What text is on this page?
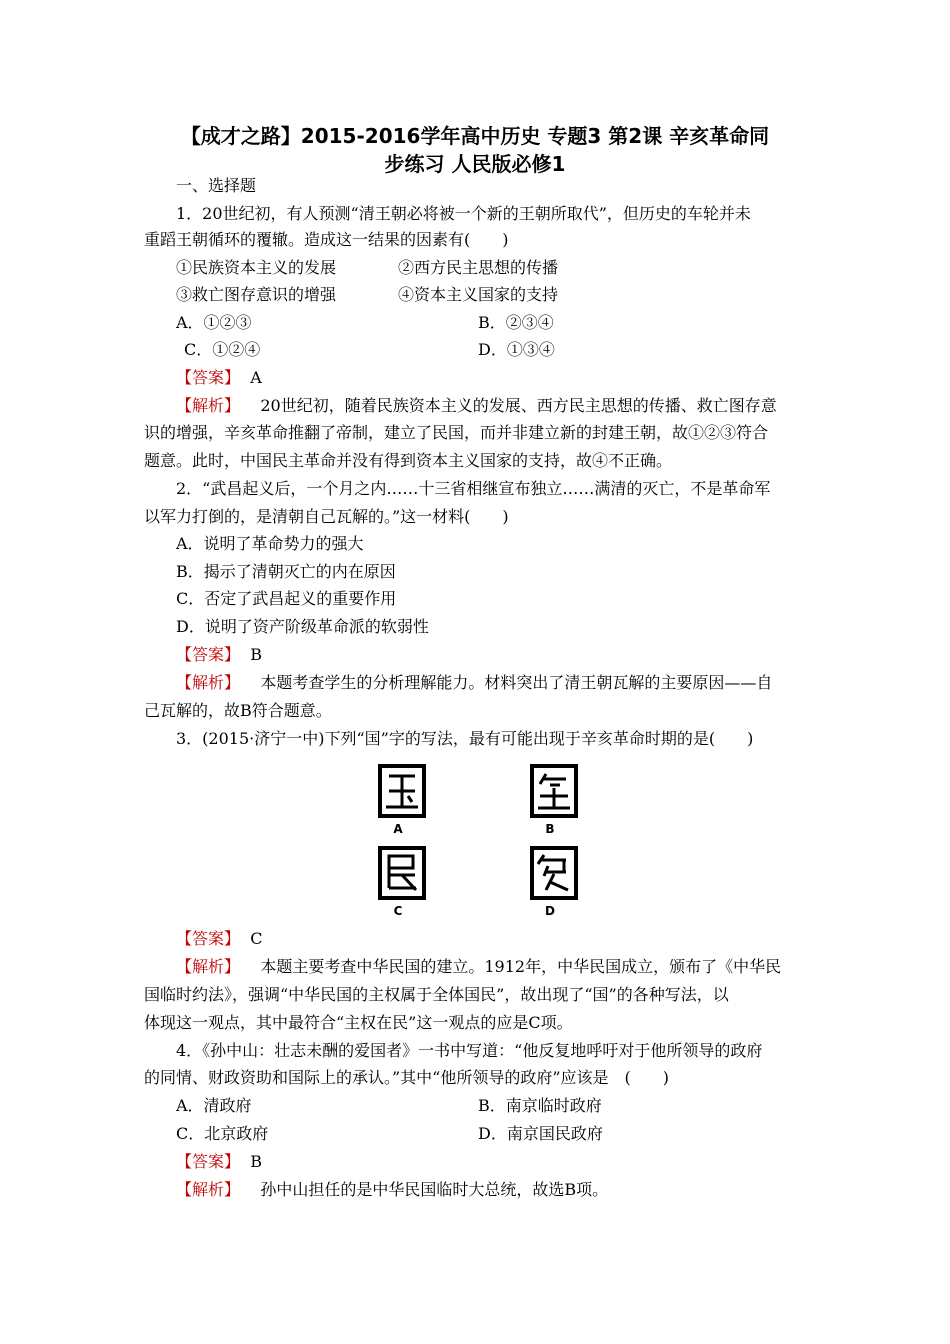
【成才之路】2015-2016学年高中历史 专题3 第2课 辛亥革命同
步练习 人民版必修1
一、选择题
1．20世纪初，有人预测“清王朝必将被一个新的王朝所取代”，但历史的车轮并未
重蹈王朝循环的覆辙。造成这一结果的因素有(　　)
①民族资本主义的发展	②西方民主思想的传播
③救亡图存意识的增强	④资本主义国家的支持
A．①②③	B．②③④
C．①②④	D．①③④
【答案】 A
【解析】 20世纪初，随着民族资本主义的发展、西方民主思想的传播、救亡图存意
识的增强，辛亥革命推翻了帝制，建立了民国，而并非建立新的封建王朝，故①②③符合
题意。此时，中国民主革命并没有得到资本主义国家的支持，故④不正确。
2．“武昌起义后，一个月之内……十三省相继宣布独立……满清的灭亡，不是革命军
以军力打倒的，是清朝自己瓦解的。”这一材料(　　)
A．说明了革命势力的强大
B．揭示了清朝灭亡的内在原因
C．否定了武昌起义的重要作用
D．说明了资产阶级革命派的软弱性
【答案】 B
【解析】 本题考查学生的分析理解能力。材料突出了清王朝瓦解的主要原因——自
己瓦解的，故B符合题意。
3．(2015·济宁一中)下列“国”字的写法，最有可能出现于辛亥革命时期的是(　　)
A	B
C	D
【答案】 C
【解析】 本题主要考查中华民国的建立。1912年，中华民国成立，颁布了《中华民
国临时约法》，强调“中华民国的主权属于全体国民”，故出现了“国”的各种写法，以
体现这一观点，其中最符合“主权在民”这一观点的应是C项。
4．《孙中山：壮志未酬的爱国者》一书中写道：“他反复地呼吁对于他所领导的政府
的同情、财政资助和国际上的承认。”其中“他所领导的政府”应该是　(　　)
A．清政府	B．南京临时政府
C．北京政府	D．南京国民政府
【答案】 B
【解析】 孙中山担任的是中华民国临时大总统，故选B项。
